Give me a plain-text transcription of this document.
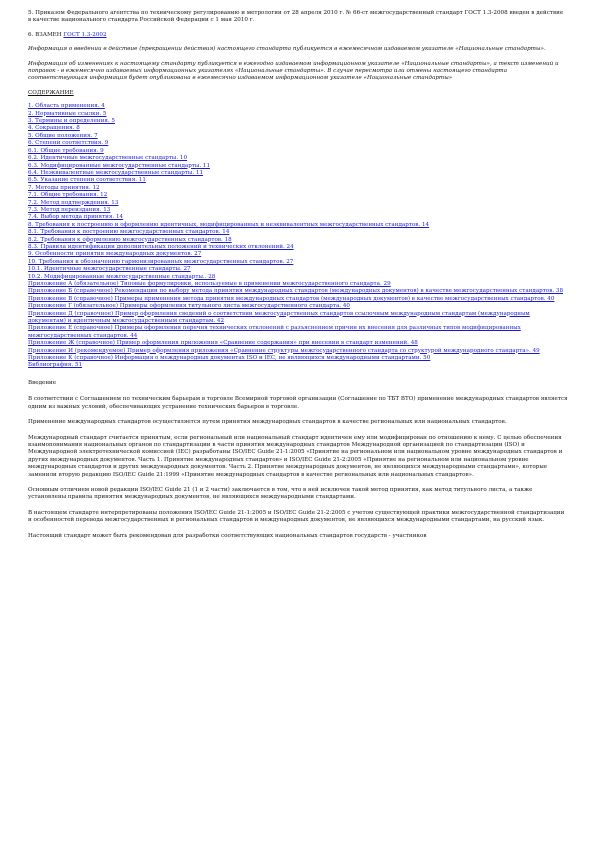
5. Приказом Федерального агентства по техническому регулированию и метрологии от 28 апреля 2010 г. № 66-ст межгосударственный стандарт ГОСТ 1.3-2008 введен в действие в качестве национального стандарта Российской Федерации с 1 мая 2010 г.

6. ВЗАМЕН ГОСТ 1.3-2002

Информация о введении в действие (прекращении действия) настоящего стандарта публикуется в ежемесячном издаваемом указателе «Национальные стандарты».

Информация об изменениях к настоящему стандарту публикуется в ежегодно издаваемом информационном указателе «Национальные стандарты», а текст изменений и поправок - в ежемесячно издаваемых информационных указателях «Национальные стандарты». В случае пересмотра или отмены настоящего стандарта соответствующая информация будет опубликована в ежемесячно издаваемом информационном указателе «Национальные стандарты»

СОДЕРЖАНИЕ

1. Область применения. 4
2. Нормативные ссылки. 5
3. Термины и определения. 5
4. Сокращения. 8
5. Общие положения. 7
6. Степени соответствия. 9
6.1. Общие требования. 9
6.2. Идентичные межгосударственные стандарты. 10
6.3. Модифицированные межгосударственные стандарты. 11
6.4. Неэквивалентные межгосударственные стандарты. 11
6.5. Указание степени соответствия. 11
7. Методы принятия. 12
7.1. Общие требования. 12
7.2. Метод подтверждения. 13
7.3. Метод переиздания. 13
7.4. Выбор метода принятия. 14
8. Требования к построению и оформлению идентичных, модифицированных и неэквивалентных межгосударственных стандартов. 14
8.1. Требования к построению межгосударственных стандартов. 14
8.2. Требования к оформлению межгосударственных стандартов. 18
8.3. Правила идентификации дополнительных положений и технических отклонений. 24
9. Особенности принятия международных документов. 27
10. Требования к обозначению гармонизированных межгосударственных стандартов. 27
10.1. Идентичные межгосударственные стандарты. 27
10.2. Модифицированные межгосударственные стандарты.. 28
Приложение А (обязательное) Типовые формулировки, используемые в применении межгосударственного стандарта. 29
Приложение Б (справочное) Рекомендации по выбору метода принятия международных стандартов (международных документов) в качестве межгосударственных стандартов. 38
Приложение В (справочное) Примеры применения метода принятия международных стандартов (международных документов) в качестве межгосударственных стандартов. 40
Приложение Г (обязательное) Примеры оформления титульного листа межгосударственного стандарта. 40
Приложение Д (справочное) Пример оформления сведений о соответствии межгосударственных стандартов ссылочным международным стандартам (международным документам) и идентичным межгосударственным стандартам. 42
Приложение Е (справочное) Примеры оформления перечня технических отклонений с разъяснением причин их внесения для различных типов модифицированных межгосударственных стандартов. 44
Приложение Ж (справочное) Пример оформления приложения «Сравнение содержания» при внесении в стандарт изменений. 48
Приложение И (рекомендуемое) Пример оформления приложения «Сравнение структуры межгосударственного стандарта со структурой международного стандарта». 49
Приложение К (справочное) Информация о международных документах ISO и IEC, не являющихся международными стандартами. 50
Библиография. 51

Введение

В соответствии с Соглашением по техническим барьерам в торговле Всемирной торговой организации (Соглашение по ТБТ ВТО) применение международных стандартов является одним из важных условий, обеспечивающих устранение технических барьеров в торговле.

Применение международных стандартов осуществляется путем принятия международных стандартов в качестве региональных или национальных стандартов.

Международный стандарт считается принятым, если региональный или национальный стандарт идентичен ему или модифицирован по отношению к нему. С целью обеспечения взаимопонимания национальных органов по стандартизации в части принятия международных стандартов Международной организацией по стандартизации (ISO) и Международной электротехнической комиссией (IEC) разработаны ISO/IEC Guide 21-1:2005 «Принятие на региональном или национальном уровне международных стандартов и других международных документов. Часть 1. Принятие международных стандартов» и ISO/IEC Guide 21-2:2005 «Принятие на региональном или национальном уровне международных стандартов и других международных документов. Часть 2. Принятие международных документов, не являющихся международными стандартами», которые заменили вторую редакцию ISO/IEC Guide 21:1999 «Принятие международных стандартов в качестве региональных или национальных стандартов».

Основным отличием новой редакции ISO/IEC Guide 21 (1 и 2 части) заключается в том, что в ней исключен такой метод принятия, как метод титульного листа, а также установлены правила принятия международных документов, не являющихся международными стандартами.

В настоящем стандарте интерпретированы положения ISO/IEC Guide 21-1:2005 и ISO/IEC Guide 21-2:2005 с учетом существующей практики межгосударственной стандартизации и особенностей перевода межгосударственных и региональных стандартов и международных документов, не являющихся международными стандартами, на русский язык.

Настоящий стандарт может быть рекомендован для разработки соответствующих национальных стандартов государств - участников
